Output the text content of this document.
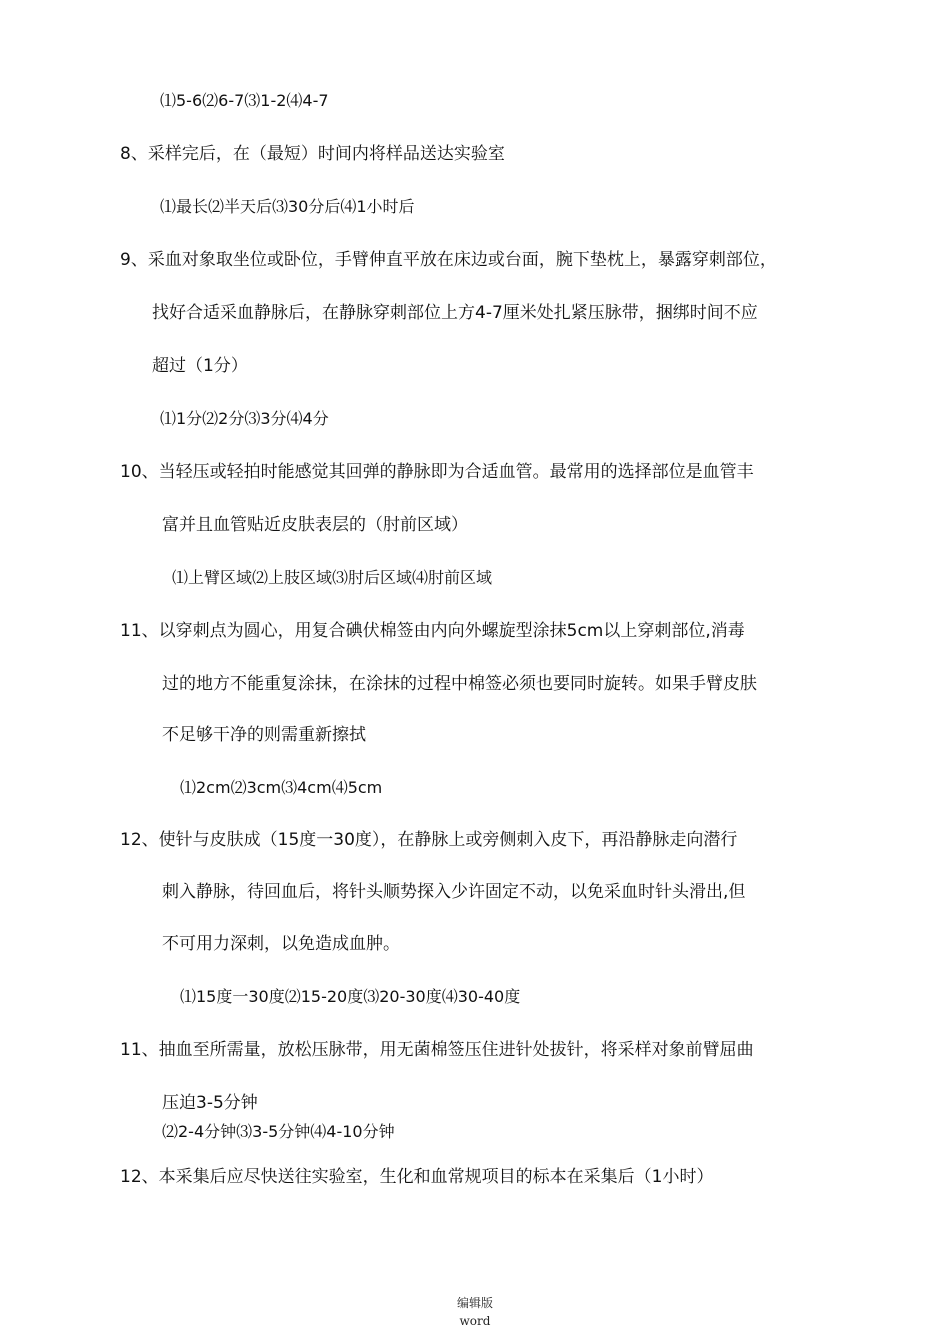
⑴5-6⑵6-7⑶1-2⑷4-7
8、采样完后，在（最短）时间内将样品送达实验室
⑴最长⑵半天后⑶30分后⑷1小时后
9、采血对象取坐位或卧位，手臂伸直平放在床边或台面，腕下垫枕上，暴露穿刺部位，
找好合适采血静脉后，在静脉穿刺部位上方4-7厘米处扎紧压脉带，捆绑时间不应
超过（1分）
⑴1分⑵2分⑶3分⑷4分
10、当轻压或轻拍时能感觉其回弹的静脉即为合适血管。最常用的选择部位是血管丰
富并且血管贴近皮肤表层的（肘前区域）
⑴上臂区域⑵上肢区域⑶肘后区域⑷肘前区域
11、以穿刺点为圆心，用复合碘伏棉签由内向外螺旋型涂抹5cm以上穿刺部位,消毒
过的地方不能重复涂抹，在涂抹的过程中棉签必须也要同时旋转。如果手臂皮肤
不足够干净的则需重新擦拭
⑴2cm⑵3cm⑶4cm⑷5cm
12、使针与皮肤成（15度一30度），在静脉上或旁侧刺入皮下，再沿静脉走向潜行
刺入静脉，待回血后，将针头顺势探入少许固定不动，以免采血时针头滑出,但
不可用力深刺，以免造成血肿。
⑴15度一30度⑵15-20度⑶20-30度⑷30-40度
11、抽血至所需量，放松压脉带，用无菌棉签压住进针处拔针，将采样对象前臂屈曲
压迫3-5分钟
⑵2-4分钟⑶3-5分钟⑷4-10分钟
12、本采集后应尽快送往实验室，生化和血常规项目的标本在采集后（1小时）
编辑版
word
